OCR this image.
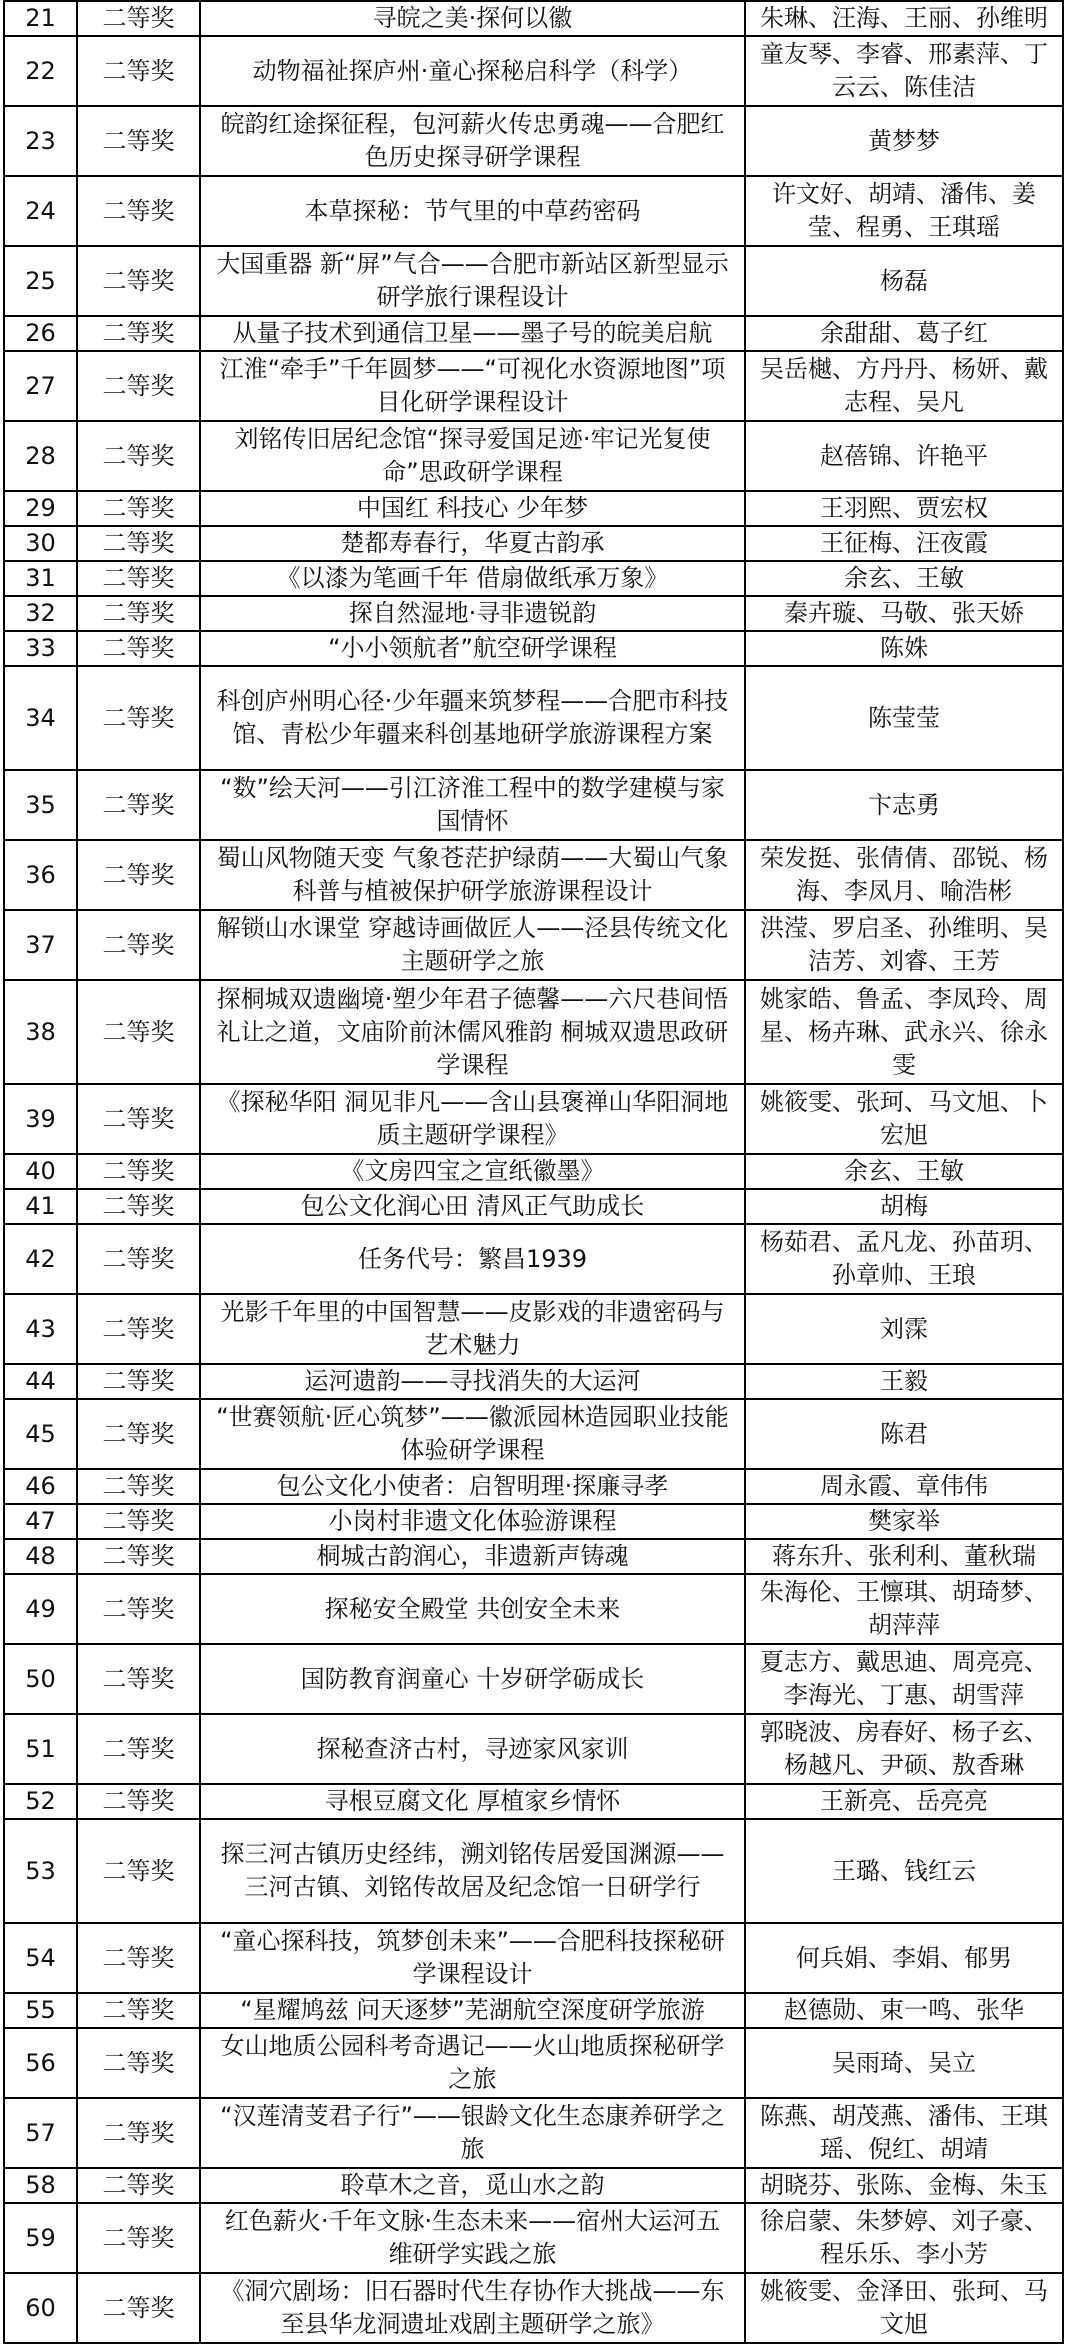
21	二等奖	寻皖之美·探何以徽	朱琳、汪海、王丽、孙维明
22	二等奖	动物福祉探庐州·童心探秘启科学（科学）	童友琴、李睿、邢素萍、丁云云、陈佳洁
23	二等奖	皖韵红途探征程，包河薪火传忠勇魂——合肥红色历史探寻研学课程	黄梦梦
24	二等奖	本草探秘：节气里的中草药密码	许文好、胡靖、潘伟、姜莹、程勇、王琪瑶
25	二等奖	大国重器 新“屏”气合——合肥市新站区新型显示研学旅行课程设计	杨磊
26	二等奖	从量子技术到通信卫星——墨子号的皖美启航	余甜甜、葛子红
27	二等奖	江淮“牵手”千年圆梦——“可视化水资源地图”项目化研学课程设计	吴岳樾、方丹丹、杨妍、戴志程、吴凡
28	二等奖	刘铭传旧居纪念馆“探寻爱国足迹·牢记光复使命”思政研学课程	赵蓓锦、许艳平
29	二等奖	中国红 科技心 少年梦	王羽熙、贾宏权
30	二等奖	楚都寿春行，华夏古韵承	王征梅、汪夜霞
31	二等奖	《以漆为笔画千年 借扇做纸承万象》	余玄、王敏
32	二等奖	探自然湿地·寻非遗锐韵	秦卉璇、马敬、张天娇
33	二等奖	“小小领航者”航空研学课程	陈姝
34	二等奖	科创庐州明心径·少年疆来筑梦程——合肥市科技馆、青松少年疆来科创基地研学旅游课程方案	陈莹莹
35	二等奖	“数”绘天河——引江济淮工程中的数学建模与家国情怀	卞志勇
36	二等奖	蜀山风物随天变 气象苍茫护绿荫——大蜀山气象科普与植被保护研学旅游课程设计	荣发挺、张倩倩、邵锐、杨海、李凤月、喻浩彬
37	二等奖	解锁山水课堂 穿越诗画做匠人——泾县传统文化主题研学之旅	洪滢、罗启圣、孙维明、吴洁芳、刘睿、王芳
38	二等奖	探桐城双遗幽境·塑少年君子德馨——六尺巷间悟礼让之道，文庙阶前沐儒风雅韵 桐城双遗思政研学课程	姚家皓、鲁孟、李凤玲、周星、杨卉琳、武永兴、徐永雯
39	二等奖	《探秘华阳 洞见非凡——含山县褒禅山华阳洞地质主题研学课程》	姚筱雯、张珂、马文旭、卜宏旭
40	二等奖	《文房四宝之宣纸徽墨》	余玄、王敏
41	二等奖	包公文化润心田 清风正气助成长	胡梅
42	二等奖	任务代号：繁昌1939	杨茹君、孟凡龙、孙苗玥、孙章帅、王琅
43	二等奖	光影千年里的中国智慧——皮影戏的非遗密码与艺术魅力	刘霂
44	二等奖	运河遗韵——寻找消失的大运河	王毅
45	二等奖	“世赛领航·匠心筑梦”——徽派园林造园职业技能体验研学课程	陈君
46	二等奖	包公文化小使者：启智明理·探廉寻孝	周永霞、章伟伟
47	二等奖	小岗村非遗文化体验游课程	樊家举
48	二等奖	桐城古韵润心，非遗新声铸魂	蒋东升、张利利、董秋瑞
49	二等奖	探秘安全殿堂 共创安全未来	朱海伦、王懔琪、胡琦梦、胡萍萍
50	二等奖	国防教育润童心 十岁研学砺成长	夏志方、戴思迪、周亮亮、李海光、丁惠、胡雪萍
51	二等奖	探秘查济古村，寻迹家风家训	郭晓波、房春好、杨子玄、杨越凡、尹硕、敖香琳
52	二等奖	寻根豆腐文化 厚植家乡情怀	王新亮、岳亮亮
53	二等奖	探三河古镇历史经纬，溯刘铭传居爱国渊源——三河古镇、刘铭传故居及纪念馆一日研学行	王璐、钱红云
54	二等奖	“童心探科技，筑梦创未来”——合肥科技探秘研学课程设计	何兵娟、李娟、郁男
55	二等奖	“星耀鸠兹 问天逐梦”芜湖航空深度研学旅游	赵德勋、束一鸣、张华
56	二等奖	女山地质公园科考奇遇记——火山地质探秘研学之旅	吴雨琦、吴立
57	二等奖	“汉莲清芰君子行”——银龄文化生态康养研学之旅	陈燕、胡茂燕、潘伟、王琪瑶、倪红、胡靖
58	二等奖	聆草木之音，觅山水之韵	胡晓芬、张陈、金梅、朱玉
59	二等奖	红色薪火·千年文脉·生态未来——宿州大运河五维研学实践之旅	徐启蒙、朱梦婷、刘子豪、程乐乐、李小芳
60	二等奖	《洞穴剧场：旧石器时代生存协作大挑战——东至县华龙洞遗址戏剧主题研学之旅》	姚筱雯、金泽田、张珂、马文旭
